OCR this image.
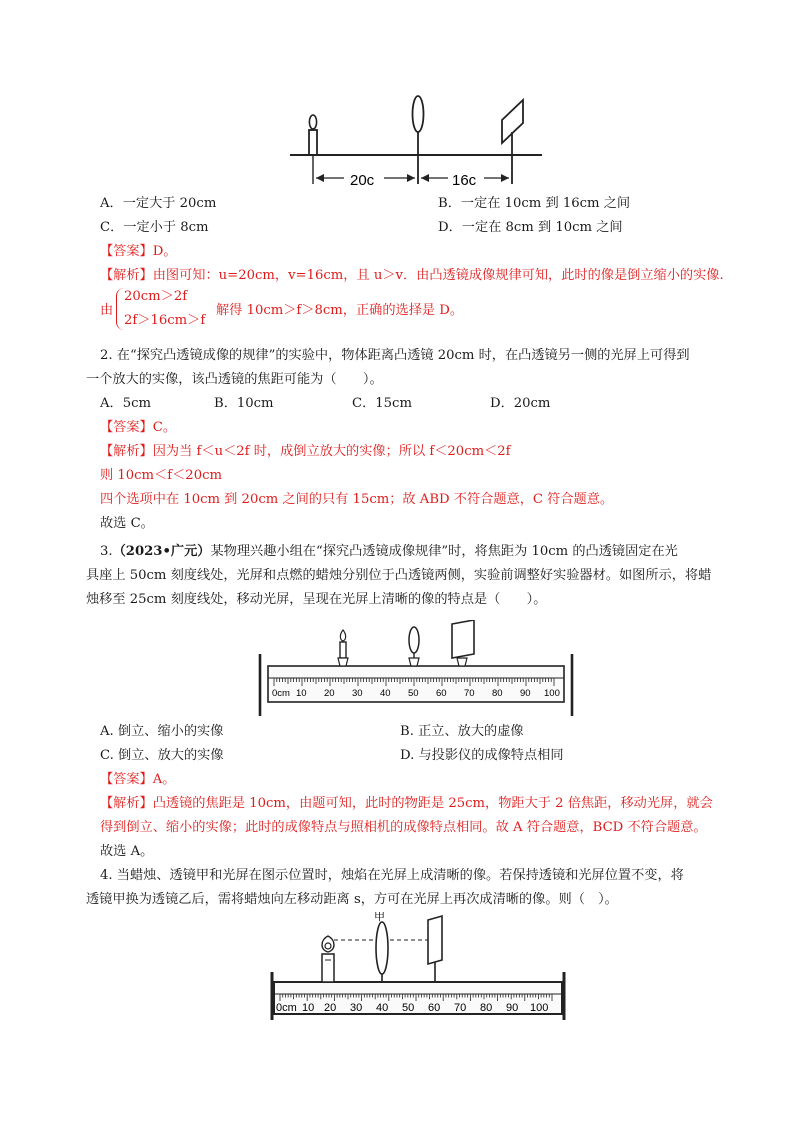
20c	16c
A．一定大于 20cm	B．一定在 10cm 到 16cm 之间
C．一定小于 8cm	D．一定在 8cm 到 10cm 之间
【答案】D。
【解析】由图可知：u=20cm，v=16cm，且 u＞v．由凸透镜成像规律可知，此时的像是倒立缩小的实像.
由
20cm＞2f
2f＞16cm＞f
解得 10cm＞f＞8cm，正确的选择是 D。
2. 在“探究凸透镜成像的规律”的实验中，物体距离凸透镜 20cm 时，在凸透镜另一侧的光屏上可得到
一个放大的实像，该凸透镜的焦距可能为（　　）。
A．5cm	B．10cm	C．15cm	D．20cm
【答案】C。
【解析】因为当 f＜u＜2f 时，成倒立放大的实像；所以 f＜20cm＜2f
则 10cm＜f＜20cm
四个选项中在 10cm 到 20cm 之间的只有 15cm；故 ABD 不符合题意，C 符合题意。
故选 C。
3.（2023•广元）某物理兴趣小组在“探究凸透镜成像规律”时，将焦距为 10cm 的凸透镜固定在光
具座上 50cm 刻度线处，光屏和点燃的蜡烛分别位于凸透镜两侧，实验前调整好实验器材。如图所示，将蜡
烛移至 25cm 刻度线处，移动光屏，呈现在光屏上清晰的像的特点是（　　）。
0cm 10 20 30 40 50 60 70 80 90 100
A. 倒立、缩小的实像	B. 正立、放大的虚像
C. 倒立、放大的实像	D. 与投影仪的成像特点相同
【答案】A。
【解析】凸透镜的焦距是 10cm，由题可知，此时的物距是 25cm，物距大于 2 倍焦距，移动光屏，就会
得到倒立、缩小的实像；此时的成像特点与照相机的成像特点相同。故 A 符合题意，BCD 不符合题意。
故选 A。
4. 当蜡烛、透镜甲和光屏在图示位置时，烛焰在光屏上成清晰的像。若保持透镜和光屏位置不变，将
透镜甲换为透镜乙后，需将蜡烛向左移动距离 s，方可在光屏上再次成清晰的像。则（　）。
0cm 10 20 30 40 50 60 70 80 90 100
甲
